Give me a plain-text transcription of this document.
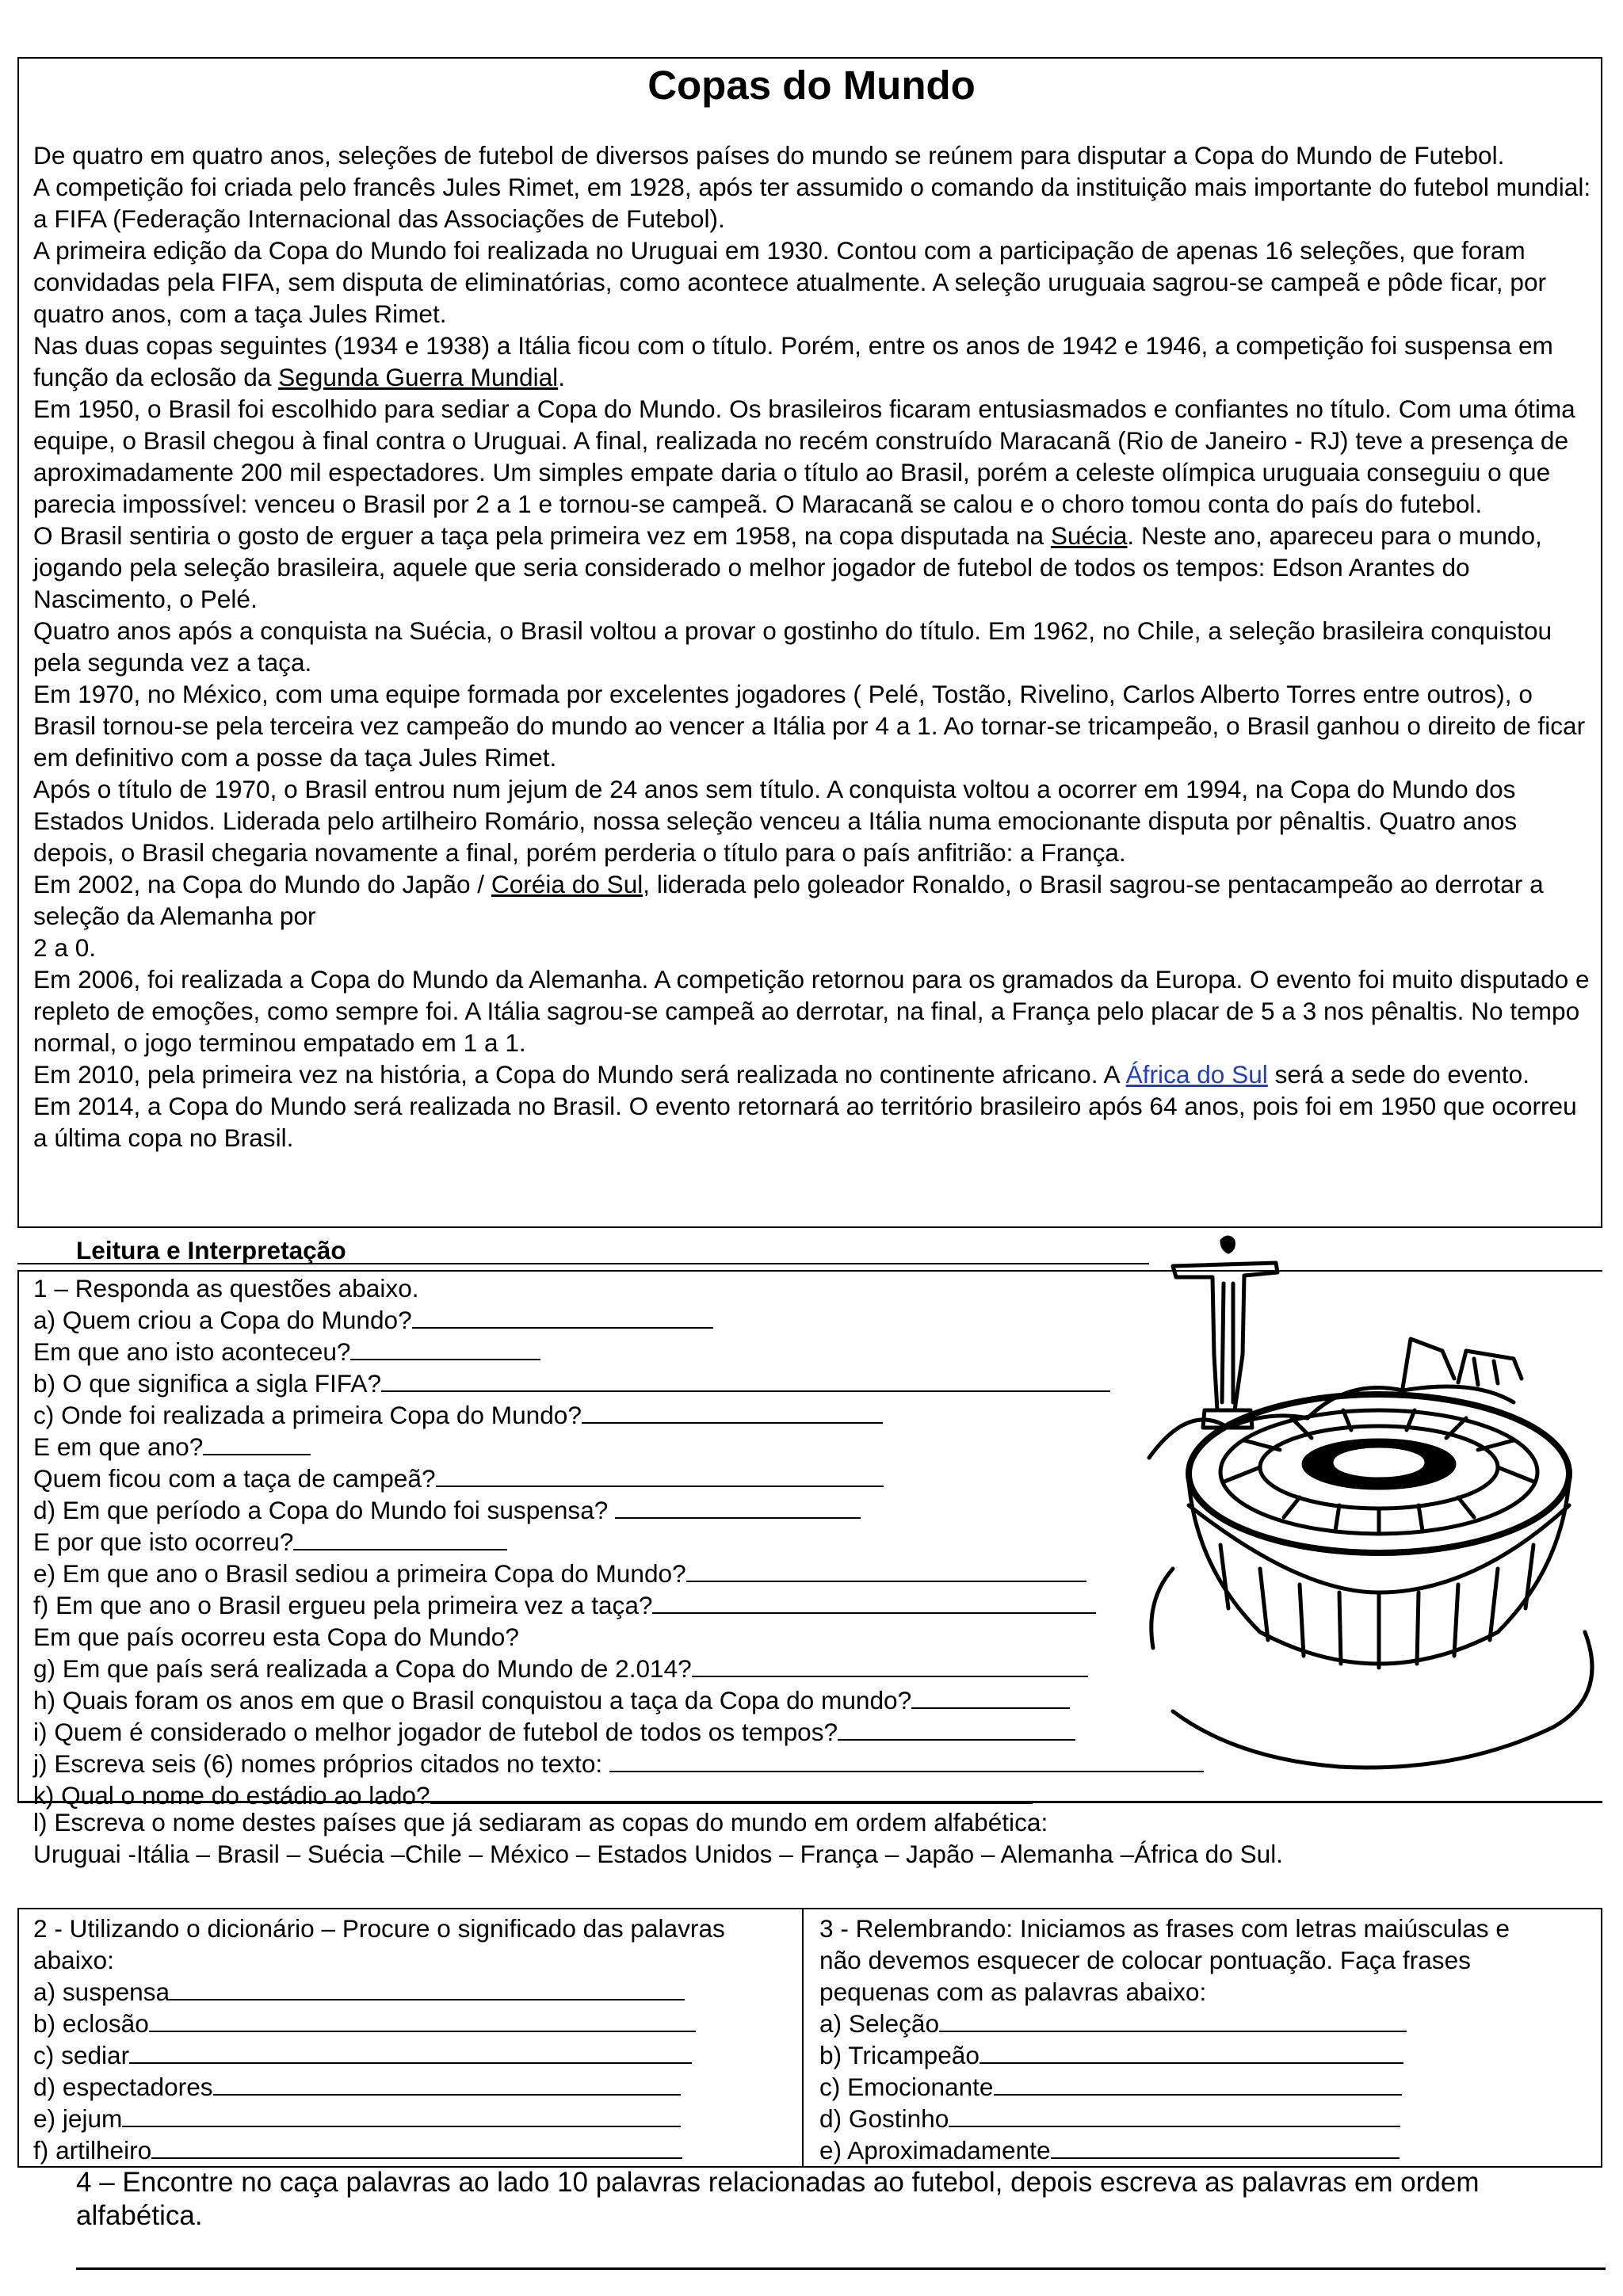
Copas do Mundo

De quatro em quatro anos, seleções de futebol de diversos países do mundo se reúnem para disputar a Copa do Mundo de Futebol.

A competição foi criada pelo francês Jules Rimet, em 1928, após ter assumido o comando da instituição mais importante do futebol mundial: a FIFA (Federação Internacional das Associações de Futebol).

A primeira edição da Copa do Mundo foi realizada no Uruguai em 1930. Contou com a participação de apenas 16 seleções, que foram convidadas pela FIFA, sem disputa de eliminatórias, como acontece atualmente. A seleção uruguaia sagrou-se campeã e pôde ficar, por quatro anos, com a taça Jules Rimet.

Nas duas copas seguintes (1934 e 1938) a Itália ficou com o título. Porém, entre os anos de 1942 e 1946, a competição foi suspensa em função da eclosão da Segunda Guerra Mundial.

Em 1950, o Brasil foi escolhido para sediar a Copa do Mundo. Os brasileiros ficaram entusiasmados e confiantes no título. Com uma ótima equipe, o Brasil chegou à final contra o Uruguai. A final, realizada no recém construído Maracanã (Rio de Janeiro - RJ) teve a presença de aproximadamente 200 mil espectadores. Um simples empate daria o título ao Brasil, porém a celeste olímpica uruguaia conseguiu o que parecia impossível: venceu o Brasil por 2 a 1 e tornou-se campeã. O Maracanã se calou e o choro tomou conta do país do futebol.

O Brasil sentiria o gosto de erguer a taça pela primeira vez em 1958, na copa disputada na Suécia. Neste ano, apareceu para o mundo, jogando pela seleção brasileira, aquele que seria considerado o melhor jogador de futebol de todos os tempos: Edson Arantes do Nascimento, o Pelé.

Quatro anos após a conquista na Suécia, o Brasil voltou a provar o gostinho do título. Em 1962, no Chile, a seleção brasileira conquistou pela segunda vez a taça.

Em 1970, no México, com uma equipe formada por excelentes jogadores ( Pelé, Tostão, Rivelino, Carlos Alberto Torres entre outros), o Brasil tornou-se pela terceira vez campeão do mundo ao vencer a Itália por 4 a 1. Ao tornar-se tricampeão, o Brasil ganhou o direito de ficar em definitivo com a posse da taça Jules Rimet.

Após o título de 1970, o Brasil entrou num jejum de 24 anos sem título. A conquista voltou a ocorrer em 1994, na Copa do Mundo dos Estados Unidos. Liderada pelo artilheiro Romário, nossa seleção venceu a Itália numa emocionante disputa por pênaltis. Quatro anos depois, o Brasil chegaria novamente a final, porém perderia o título para o país anfitrião: a França.

Em 2002, na Copa do Mundo do Japão / Coréia do Sul, liderada pelo goleador Ronaldo, o Brasil sagrou-se pentacampeão ao derrotar a seleção da Alemanha por

2 a 0.

Em 2006, foi realizada a Copa do Mundo da Alemanha. A competição retornou para os gramados da Europa. O evento foi muito disputado e repleto de emoções, como sempre foi. A Itália sagrou-se campeã ao derrotar, na final, a França pelo placar de 5 a 3 nos pênaltis. No tempo normal, o jogo terminou empatado em 1 a 1.

Em 2010, pela primeira vez na história, a Copa do Mundo será realizada no continente africano. A África do Sul será a sede do evento.

Em 2014, a Copa do Mundo será realizada no Brasil. O evento retornará ao território brasileiro após 64 anos, pois foi em 1950 que ocorreu a última copa no Brasil.

Leitura e Interpretação
1 – Responda as questões abaixo.
a) Quem criou a Copa do Mundo?
Em que ano isto aconteceu?
b) O que significa a sigla FIFA?
c) Onde foi realizada a primeira Copa do Mundo?
E em que ano?
Quem ficou com a taça de campeã?
d) Em que período a Copa do Mundo foi suspensa?
E por que isto ocorreu?
e) Em que ano o Brasil sediou a primeira Copa do Mundo?
f) Em que ano o Brasil ergueu pela primeira vez a taça?
Em que país ocorreu esta Copa do Mundo?
g) Em que país será realizada a Copa do Mundo de 2.014?
h) Quais foram os anos em que o Brasil conquistou a taça da Copa do mundo?
i) Quem é considerado o melhor jogador de futebol de todos os tempos?
j) Escreva seis (6) nomes próprios citados no texto:
k) Qual o nome do estádio ao lado?
l) Escreva o nome destes países que já sediaram as copas do mundo em ordem alfabética:
Uruguai -Itália – Brasil – Suécia –Chile – México – Estados Unidos – França – Japão – Alemanha –África do Sul.
2 - Utilizando o dicionário – Procure o significado das palavras
abaixo:
a) suspensa
b) eclosão
c) sediar
d) espectadores
e) jejum
f) artilheiro
3 - Relembrando: Iniciamos as frases com letras maiúsculas e
não devemos esquecer de colocar pontuação. Faça frases
pequenas com as palavras abaixo:
a) Seleção
b) Tricampeão
c) Emocionante
d) Gostinho
e) Aproximadamente
4 – Encontre no caça palavras ao lado 10 palavras relacionadas ao futebol, depois escreva as palavras em ordem alfabética.
